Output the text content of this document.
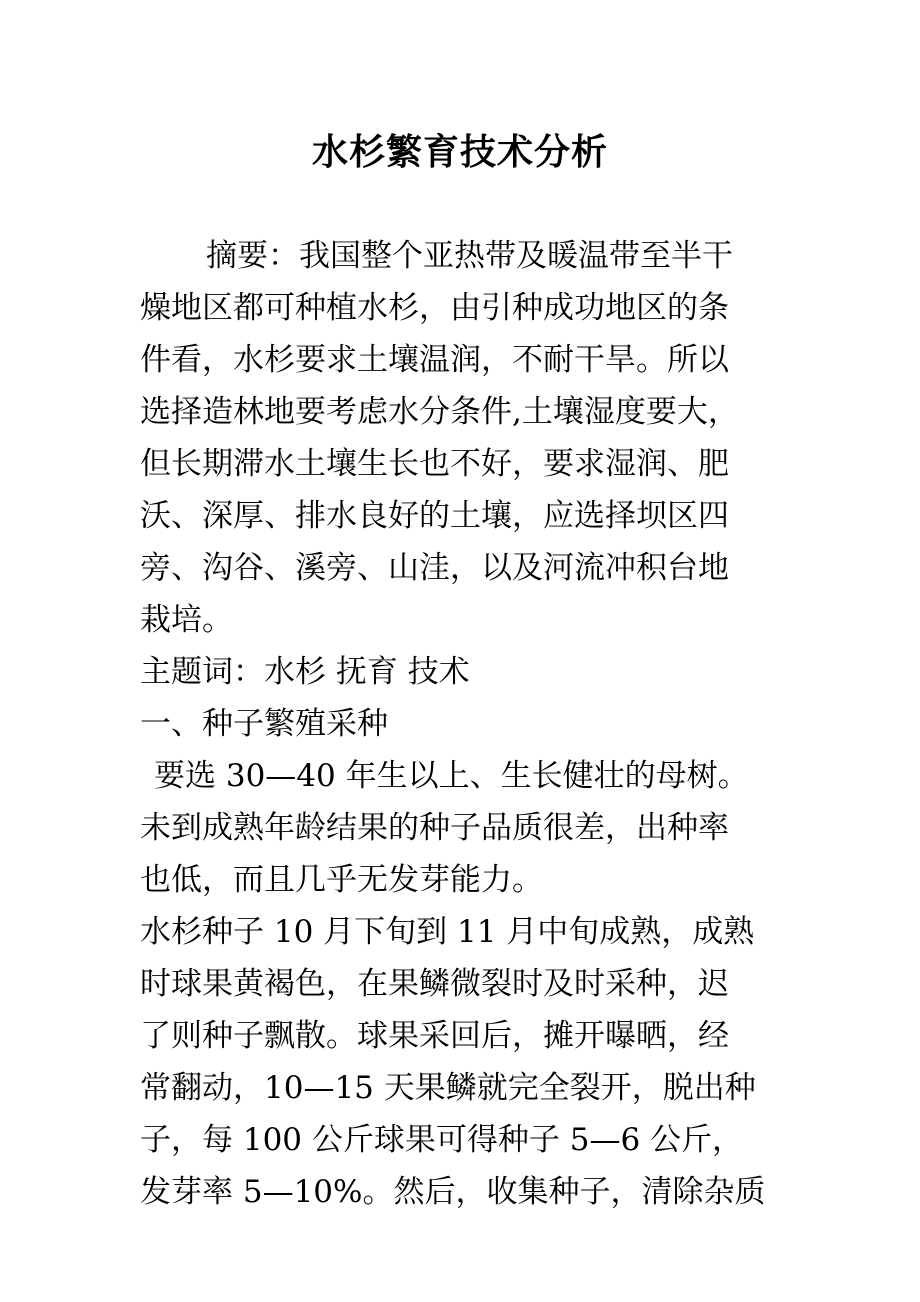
水杉繁育技术分析
摘要：我国整个亚热带及暖温带至半干
燥地区都可种植水杉，由引种成功地区的条
件看，水杉要求土壤温润，不耐干旱。所以
选择造林地要考虑水分条件,土壤湿度要大，
但长期滞水土壤生长也不好，要求湿润、肥
沃、深厚、排水良好的土壤，应选择坝区四
旁、沟谷、溪旁、山洼，以及河流冲积台地
栽培。
主题词：水杉 抚育 技术
一、种子繁殖采种
要选 30—40 年生以上、生长健壮的母树。
未到成熟年龄结果的种子品质很差，出种率
也低，而且几乎无发芽能力。
水杉种子 10 月下旬到 11 月中旬成熟，成熟
时球果黄褐色，在果鳞微裂时及时采种，迟
了则种子飘散。球果采回后，摊开曝晒，经
常翻动，10—15 天果鳞就完全裂开，脱出种
子，每 100 公斤球果可得种子 5—6 公斤，
发芽率 5—10%。然后，收集种子，清除杂质
